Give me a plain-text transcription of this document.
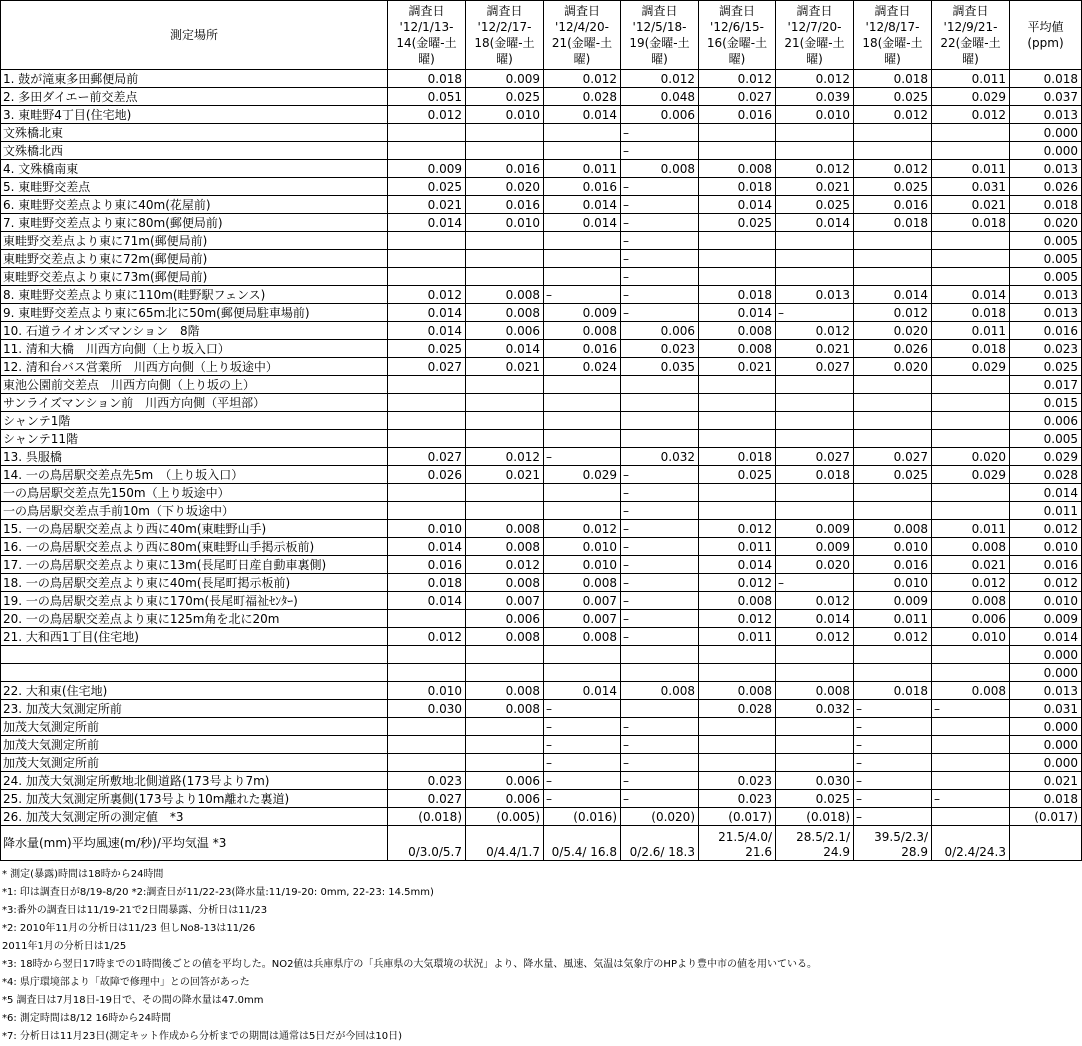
測定場所	調査日 '12/1/13-14(金曜-土曜)	調査日 '12/2/17-18(金曜-土曜)	調査日 '12/4/20-21(金曜-土曜)	調査日 '12/5/18-19(金曜-土曜)	調査日 '12/6/15-16(金曜-土曜)	調査日 '12/7/20-21(金曜-土曜)	調査日 '12/8/17-18(金曜-土曜)	調査日 '12/9/21-22(金曜-土曜)	平均値 (ppm)
1. 鼓が滝東多田郵便局前	0.018	0.009	0.012	0.012	0.012	0.012	0.018	0.011	0.018
2. 多田ダイエー前交差点	0.051	0.025	0.028	0.048	0.027	0.039	0.025	0.029	0.037
3. 東畦野4丁目(住宅地)	0.012	0.010	0.014	0.006	0.016	0.010	0.012	0.012	0.013
文殊橋北東				–					0.000
文殊橋北西				–					0.000
4. 文殊橋南東	0.009	0.016	0.011	0.008	0.008	0.012	0.012	0.011	0.013
5. 東畦野交差点	0.025	0.020	0.016	–	0.018	0.021	0.025	0.031	0.026
6. 東畦野交差点より東に40m(花屋前)	0.021	0.016	0.014	–	0.014	0.025	0.016	0.021	0.018
7. 東畦野交差点より東に80m(郵便局前)	0.014	0.010	0.014	–	0.025	0.014	0.018	0.018	0.020
東畦野交差点より東に71m(郵便局前)				–					0.005
東畦野交差点より東に72m(郵便局前)				–					0.005
東畦野交差点より東に73m(郵便局前)				–					0.005
8. 東畦野交差点より東に110m(畦野駅フェンス)	0.012	0.008	–	–	0.018	0.013	0.014	0.014	0.013
9. 東畦野交差点より東に65m北に50m(郵便局駐車場前)	0.014	0.008	0.009	–	0.014	–	0.012	0.018	0.013
10. 石道ライオンズマンション　8階	0.014	0.006	0.008	0.006	0.008	0.012	0.020	0.011	0.016
11. 清和大橋　川西方向側（上り坂入口）	0.025	0.014	0.016	0.023	0.008	0.021	0.026	0.018	0.023
12. 清和台バス営業所　川西方向側（上り坂途中）	0.027	0.021	0.024	0.035	0.021	0.027	0.020	0.029	0.025
東池公園前交差点　川西方向側（上り坂の上）									0.017
サンライズマンション前　川西方向側（平坦部）									0.015
シャンテ1階									0.006
シャンテ11階									0.005
13. 呉服橋	0.027	0.012	–	0.032	0.018	0.027	0.027	0.020	0.029
14. 一の鳥居駅交差点先5m　（上り坂入口）	0.026	0.021	0.029	–	0.025	0.018	0.025	0.029	0.028
一の鳥居駅交差点先150m（上り坂途中）				–					0.014
一の鳥居駅交差点手前10m（下り坂途中）				–					0.011
15. 一の鳥居駅交差点より西に40m(東畦野山手)	0.010	0.008	0.012	–	0.012	0.009	0.008	0.011	0.012
16. 一の鳥居駅交差点より西に80m(東畦野山手掲示板前)	0.014	0.008	0.010	–	0.011	0.009	0.010	0.008	0.010
17. 一の鳥居駅交差点より東に13m(長尾町日産自動車裏側)	0.016	0.012	0.010	–	0.014	0.020	0.016	0.021	0.016
18. 一の鳥居駅交差点より東に40m(長尾町掲示板前)	0.018	0.008	0.008	–	0.012	–	0.010	0.012	0.012
19. 一の鳥居駅交差点より東に170m(長尾町福祉ｾﾝﾀｰ)	0.014	0.007	0.007	–	0.008	0.012	0.009	0.008	0.010
20. 一の鳥居駅交差点より東に125m角を北に20m		0.006	0.007	–	0.012	0.014	0.011	0.006	0.009
21. 大和西1丁目(住宅地)	0.012	0.008	0.008	–	0.011	0.012	0.012	0.010	0.014
									0.000
									0.000
22. 大和東(住宅地)	0.010	0.008	0.014	0.008	0.008	0.008	0.018	0.008	0.013
23. 加茂大気測定所前	0.030	0.008	–		0.028	0.032	–	–	0.031
加茂大気測定所前			–	–			–		0.000
加茂大気測定所前			–	–			–		0.000
加茂大気測定所前			–	–			–		0.000
24. 加茂大気測定所敷地北側道路(173号より7m)	0.023	0.006	–	–	0.023	0.030	–		0.021
25. 加茂大気測定所裏側(173号より10m離れた裏道)	0.027	0.006	–	–	0.023	0.025	–	–	0.018
26. 加茂大気測定所の測定値　*3	(0.018)	(0.005)	(0.016)	(0.020)	(0.017)	(0.018)	–		(0.017)
降水量(mm)平均風速(m/秒)/平均気温 *3	0/3.0/5.7	0/4.4/1.7	0/5.4/ 16.8	0/2.6/ 18.3	21.5/4.0/ 21.6	28.5/2.1/ 24.9	39.5/2.3/ 28.9	0/2.4/24.3	
* 測定(暴露)時間は18時から24時間
*1: 印は調査日が8/19-8/20 *2:調査日が11/22-23(降水量:11/19-20: 0mm, 22-23: 14.5mm)
*3:番外の調査日は11/19-21で2日間暴露、分析日は11/23
*2: 2010年11月の分析日は11/23 但しNo8-13は11/26
2011年1月の分析日は1/25
*3: 18時から翌日17時までの1時間後ごとの値を平均した。NO2値は兵庫県庁の「兵庫県の大気環境の状況」より、降水量、風速、気温は気象庁のHPより豊中市の値を用いている。
*4: 県庁環境部より「故障で修理中」との回答があった
*5 調査日は7月18日-19日で、その間の降水量は47.0mm
*6: 測定時間は8/12 16時から24時間
*7: 分析日は11月23日(測定キット作成から分析までの期間は通常は5日だが今回は10日)
